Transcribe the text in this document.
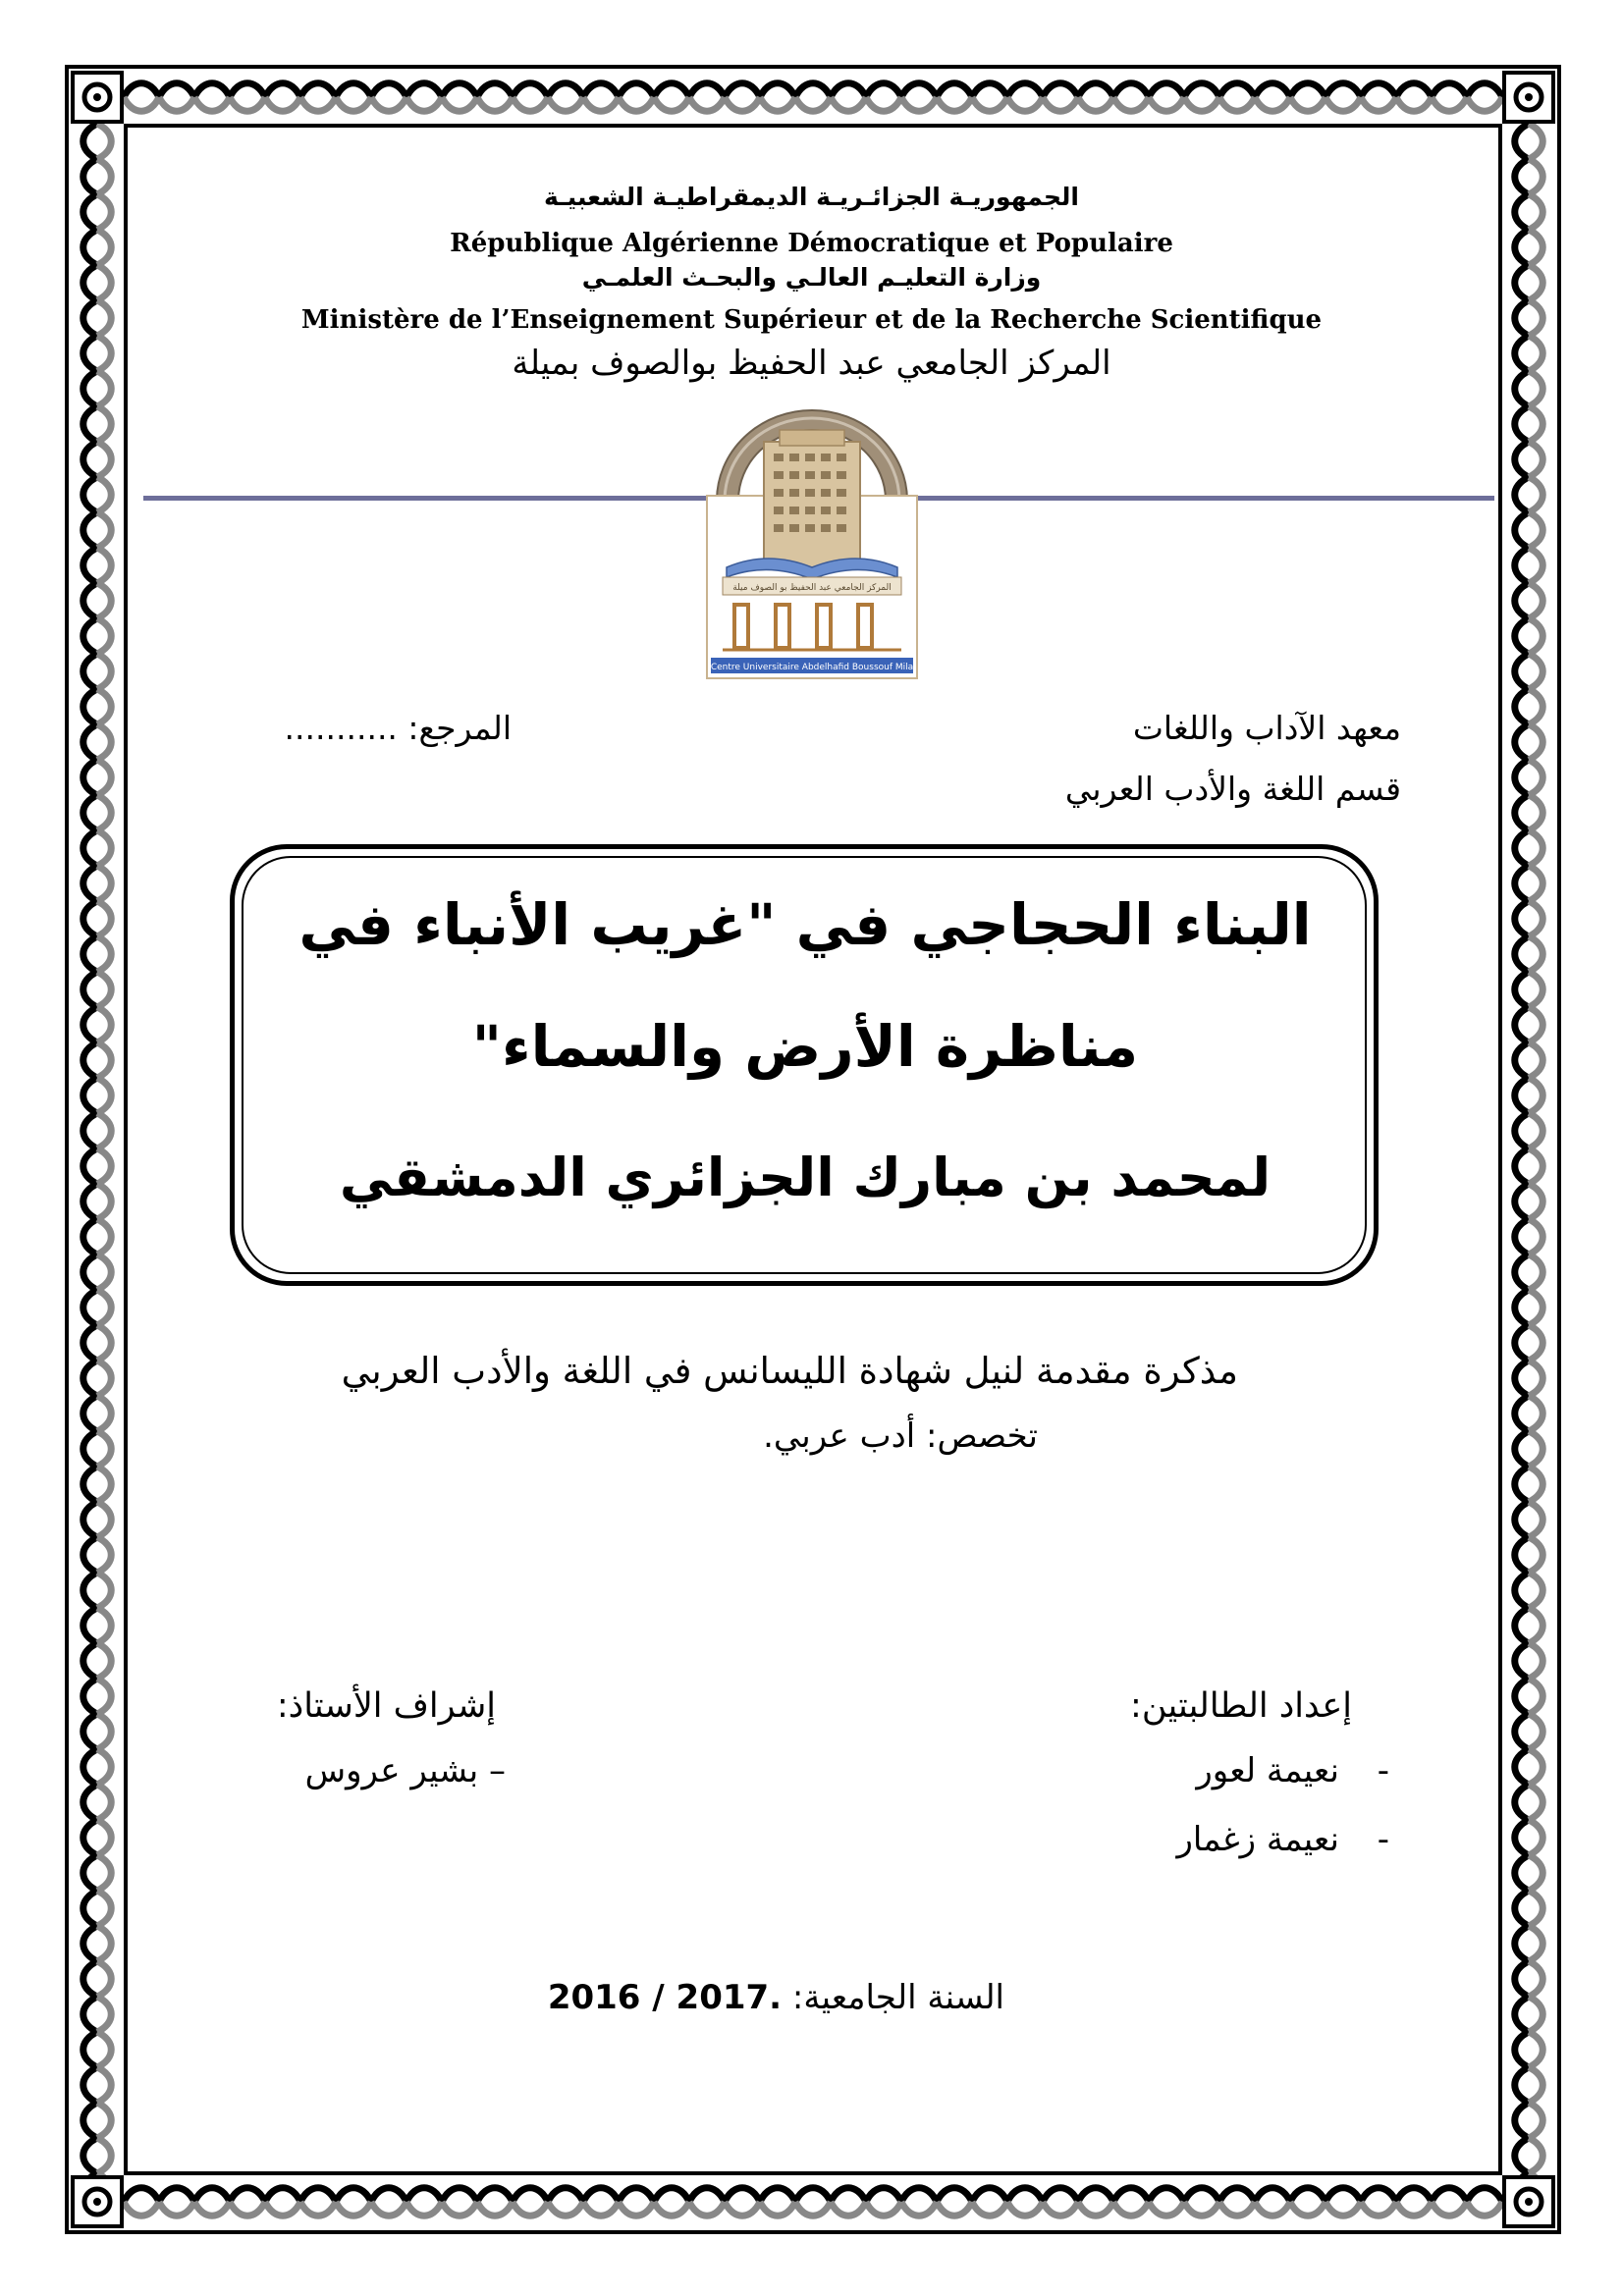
الجمهوريـة الجزائـريـة الديمقراطيـة الشعبيـة
République Algérienne Démocratique et Populaire
وزارة التعليـم العالـي والبحـث العلمـي
Ministère de l’Enseignement Supérieur et de la Recherche Scientifique
المركز الجامعي عبد الحفيظ بوالصوف بميلة
المركز الجامعي عبد الحفيظ بو الصوف ميلة
Centre Universitaire Abdelhafid Boussouf Mila
معهد الآداب واللغات
قسم اللغة والأدب العربي
المرجع: ...........
البناء الحجاجي في "غريب الأنباء في
مناظرة الأرض والسماء"
لمحمد بن مبارك الجزائري الدمشقي
مذكرة مقدمة لنيل شهادة الليسانس في اللغة والأدب العربي
تخصص: أدب عربي.
إعداد الطالبتين:
- نعيمة لعور
- نعيمة زغمار
إشراف الأستاذ:
– بشير عروس
السنة الجامعية: 2016 / 2017.
